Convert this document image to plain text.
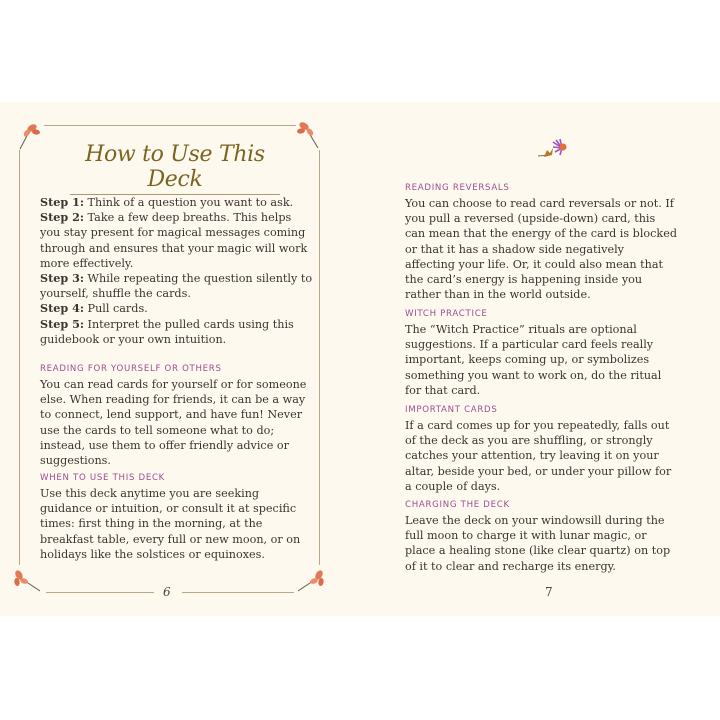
How to Use This Deck
Step 1: Think of a question you want to ask.
Step 2: Take a few deep breaths. This helps you stay present for magical messages coming through and ensures that your magic will work more effectively.
Step 3: While repeating the question silently to yourself, shuffle the cards.
Step 4: Pull cards.
Step 5: Interpret the pulled cards using this guidebook or your own intuition.
READING FOR YOURSELF OR OTHERS
You can read cards for yourself or for someone else. When reading for friends, it can be a way to connect, lend support, and have fun! Never use the cards to tell someone what to do; instead, use them to offer friendly advice or suggestions.
WHEN TO USE THIS DECK
Use this deck anytime you are seeking guidance or intuition, or consult it at specific times: first thing in the morning, at the breakfast table, every full or new moon, or on holidays like the solstices or equinoxes.
6
READING REVERSALS
You can choose to read card reversals or not. If you pull a reversed (upside-down) card, this can mean that the energy of the card is blocked or that it has a shadow side negatively affecting your life. Or, it could also mean that the card’s energy is happening inside you rather than in the world outside.
WITCH PRACTICE
The “Witch Practice” rituals are optional suggestions. If a particular card feels really important, keeps coming up, or symbolizes something you want to work on, do the ritual for that card.
IMPORTANT CARDS
If a card comes up for you repeatedly, falls out of the deck as you are shuffling, or strongly catches your attention, try leaving it on your altar, beside your bed, or under your pillow for a couple of days.
CHARGING THE DECK
Leave the deck on your windowsill during the full moon to charge it with lunar magic, or place a healing stone (like clear quartz) on top of it to clear and recharge its energy.
7
